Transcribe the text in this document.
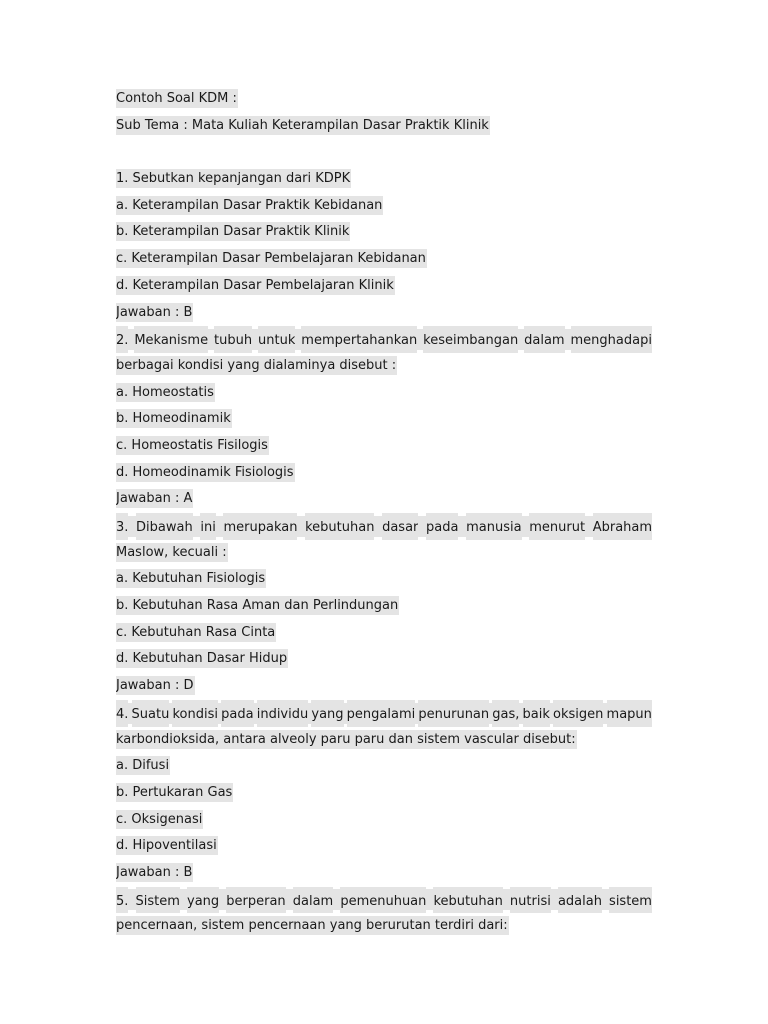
Contoh Soal KDM :
Sub Tema : Mata Kuliah Keterampilan Dasar Praktik Klinik
1. Sebutkan kepanjangan dari KDPK
a. Keterampilan Dasar Praktik Kebidanan
b. Keterampilan Dasar Praktik Klinik
c. Keterampilan Dasar Pembelajaran Kebidanan
d. Keterampilan Dasar Pembelajaran Klinik
Jawaban : B
2. Mekanisme tubuh untuk mempertahankan keseimbangan dalam menghadapi
berbagai kondisi yang dialaminya disebut :
a. Homeostatis
b. Homeodinamik
c. Homeostatis Fisilogis
d. Homeodinamik Fisiologis
Jawaban : A
3. Dibawah ini merupakan kebutuhan dasar pada manusia menurut Abraham
Maslow, kecuali :
a. Kebutuhan Fisiologis
b. Kebutuhan Rasa Aman dan Perlindungan
c. Kebutuhan Rasa Cinta
d. Kebutuhan Dasar Hidup
Jawaban : D
4. Suatu kondisi pada individu yang pengalami penurunan gas, baik oksigen mapun
karbondioksida, antara alveoly paru paru dan sistem vascular disebut:
a. Difusi
b. Pertukaran Gas
c. Oksigenasi
d. Hipoventilasi
Jawaban : B
5. Sistem yang berperan dalam pemenuhuan kebutuhan nutrisi adalah sistem
pencernaan, sistem pencernaan yang berurutan terdiri dari:
